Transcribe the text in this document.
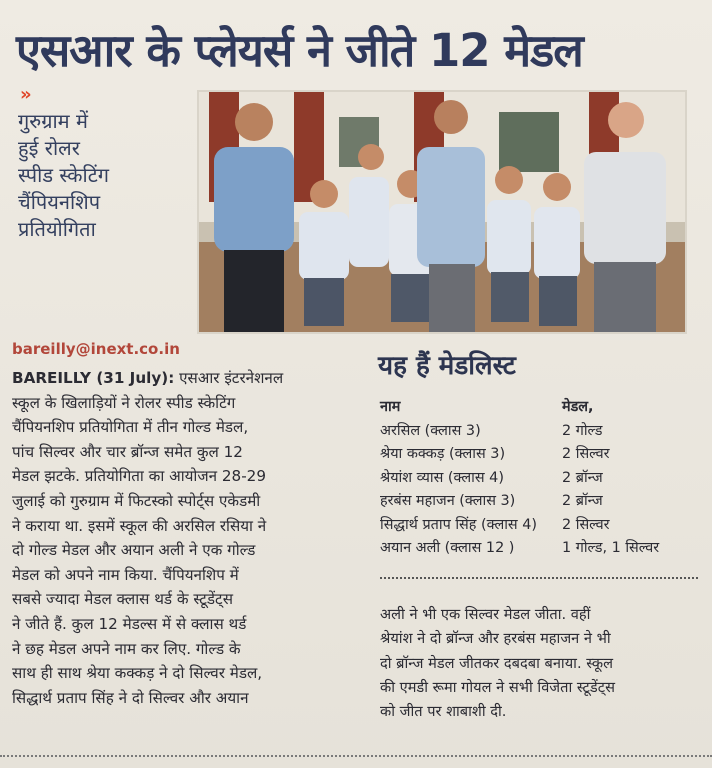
एसआर के प्लेयर्स ने जीते 12 मेडल
»
गुरुग्राम में
हुई रोलर
स्पीड स्केटिंग
चैंपियनशिप
प्रतियोगिता
bareilly@inext.co.in
BAREILLY (31 July): एसआर इंटरनेशनल
स्कूल के खिलाड़ियों ने रोलर स्पीड स्केटिंग
चैंपियनशिप प्रतियोगिता में तीन गोल्ड मेडल,
पांच सिल्वर और चार ब्रॉन्ज समेत कुल 12
मेडल झटके. प्रतियोगिता का आयोजन 28-29
जुलाई को गुरुग्राम में फिटस्को स्पोर्ट्स एकेडमी
ने कराया था. इसमें स्कूल की अरसिल रसिया ने
दो गोल्ड मेडल और अयान अली ने एक गोल्ड
मेडल को अपने नाम किया. चैंपियनशिप में
सबसे ज्यादा मेडल क्लास थर्ड के स्टूडेंट्स
ने जीते हैं. कुल 12 मेडल्स में से क्लास थर्ड
ने छह मेडल अपने नाम कर लिए. गोल्ड के
साथ ही साथ श्रेया कक्कड़ ने दो सिल्वर मेडल,
सिद्धार्थ प्रताप सिंह ने दो सिल्वर और अयान
यह हैं मेडलिस्ट
नाम	मेडल,
अरसिल (क्लास 3)	2 गोल्ड
श्रेया कक्कड़ (क्लास 3)	2 सिल्वर
श्रेयांश व्यास (क्लास 4)	2 ब्रॉन्ज
हरबंस महाजन (क्लास 3)	2 ब्रॉन्ज
सिद्धार्थ प्रताप सिंह (क्लास 4)	2 सिल्वर
अयान अली (क्लास 12 )	1 गोल्ड, 1 सिल्वर
अली ने भी एक सिल्वर मेडल जीता. वहीं
श्रेयांश ने दो ब्रॉन्ज और हरबंस महाजन ने भी
दो ब्रॉन्ज मेडल जीतकर दबदबा बनाया. स्कूल
की एमडी रूमा गोयल ने सभी विजेता स्टूडेंट्स
को जीत पर शाबाशी दी.
